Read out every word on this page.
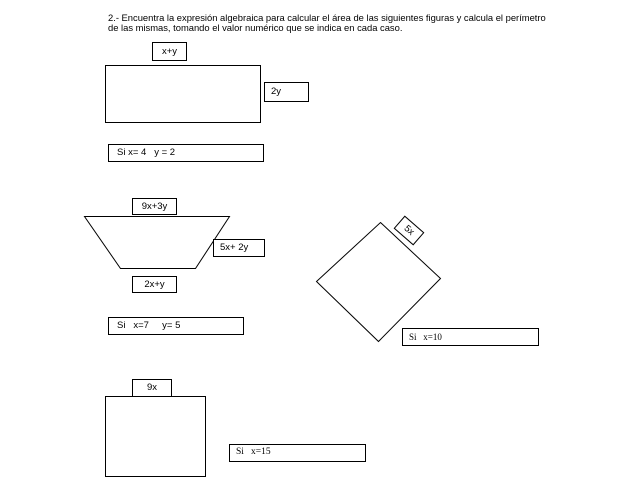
2.- Encuentra la expresión algebraica para calcular el área de las siguientes figuras y calcula el perímetro de las mismas, tomando el valor numérico que se indica en cada caso.

x+y
2y
Si x= 4   y = 2
9x+3y
5x+ 2y
2x+y
Si   x=7     y= 5
5x
Si   x=10
9x
Si   x=15
